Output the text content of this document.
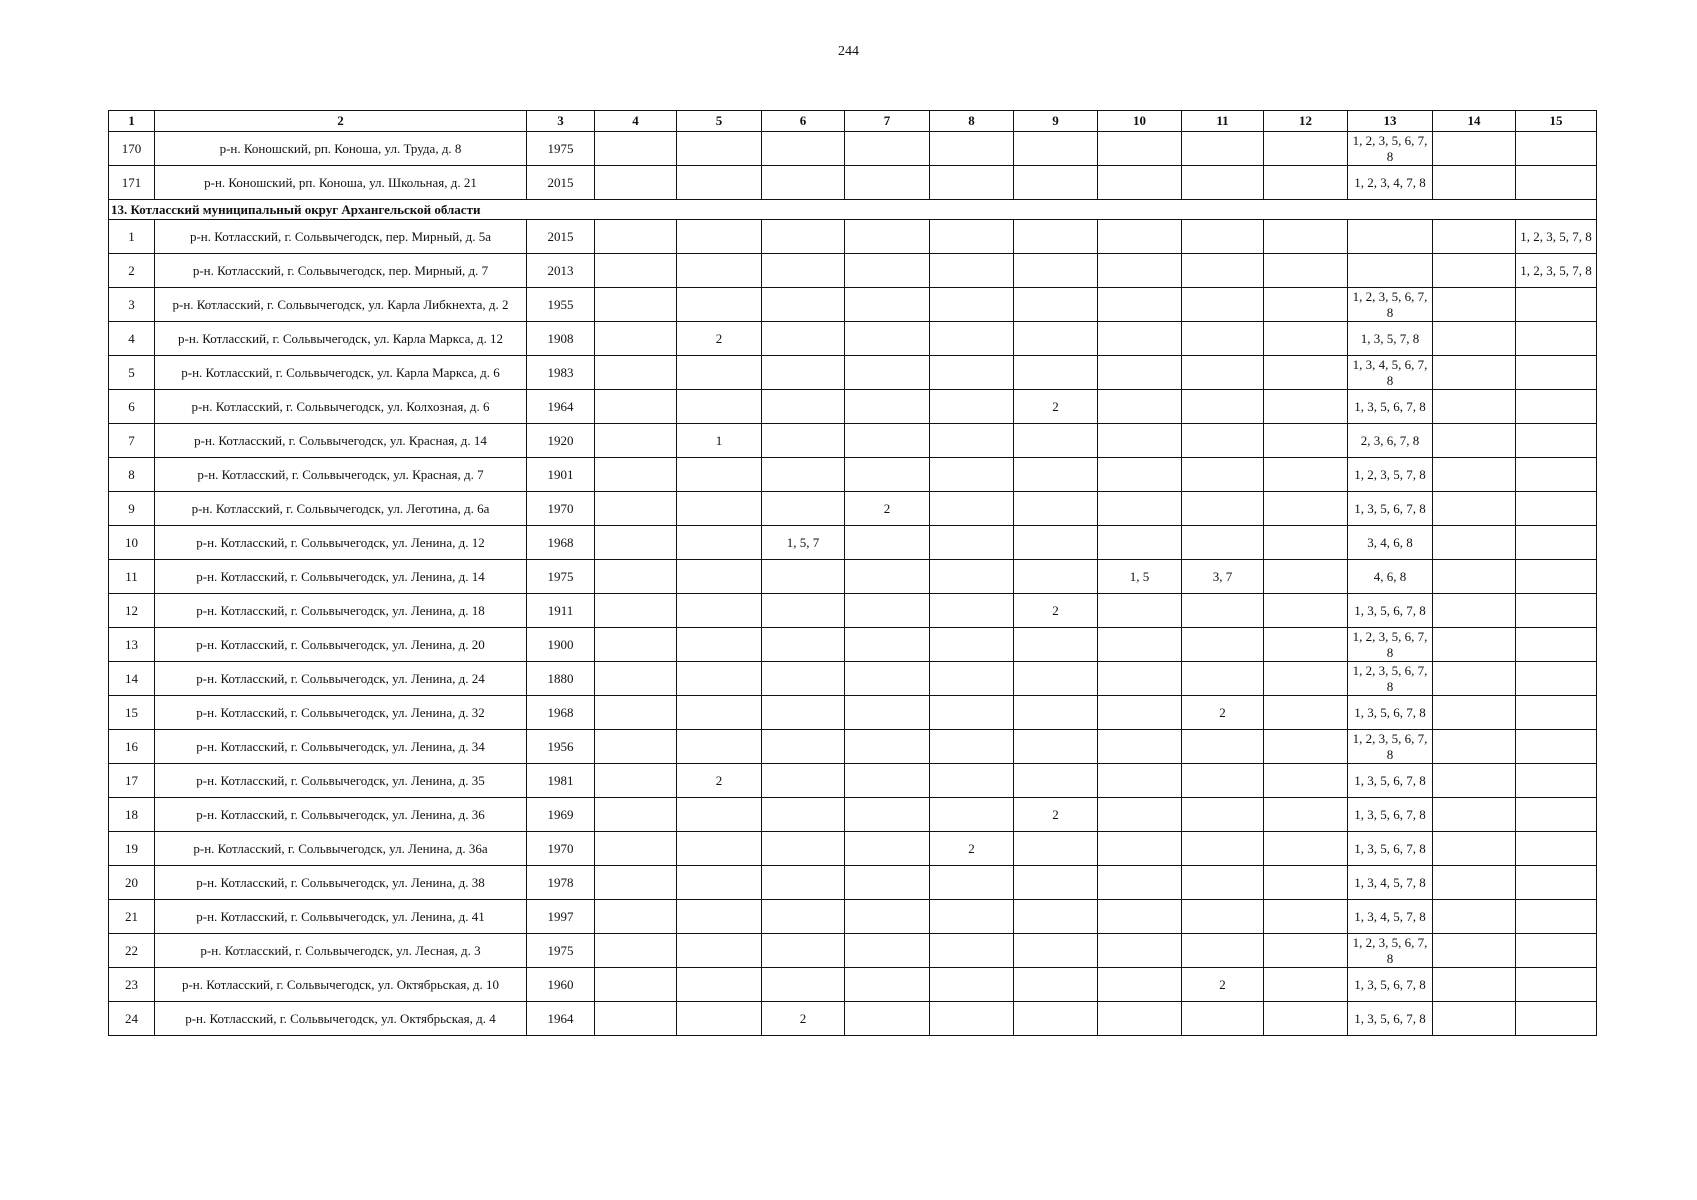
244
1	2	3	4	5	6	7	8	9	10	11	12	13	14	15
170	р-н. Коношский, рп. Коноша, ул. Труда, д. 8	1975										1, 2, 3, 5, 6, 7, 8		
171	р-н. Коношский, рп. Коноша, ул. Школьная, д. 21	2015										1, 2, 3, 4, 7, 8		
13. Котласский муниципальный округ Архангельской области														
1	р-н. Котласский, г. Сольвычегодск, пер. Мирный, д. 5а	2015												1, 2, 3, 5, 7, 8
2	р-н. Котласский, г. Сольвычегодск, пер. Мирный, д. 7	2013												1, 2, 3, 5, 7, 8
3	р-н. Котласский, г. Сольвычегодск, ул. Карла Либкнехта, д. 2	1955										1, 2, 3, 5, 6, 7, 8		
4	р-н. Котласский, г. Сольвычегодск, ул. Карла Маркса, д. 12	1908		2								1, 3, 5, 7, 8		
5	р-н. Котласский, г. Сольвычегодск, ул. Карла Маркса, д. 6	1983										1, 3, 4, 5, 6, 7, 8		
6	р-н. Котласский, г. Сольвычегодск, ул. Колхозная, д. 6	1964						2				1, 3, 5, 6, 7, 8		
7	р-н. Котласский, г. Сольвычегодск, ул. Красная, д. 14	1920		1								2, 3, 6, 7, 8		
8	р-н. Котласский, г. Сольвычегодск, ул. Красная, д. 7	1901										1, 2, 3, 5, 7, 8		
9	р-н. Котласский, г. Сольвычегодск, ул. Леготина, д. 6а	1970				2						1, 3, 5, 6, 7, 8		
10	р-н. Котласский, г. Сольвычегодск, ул. Ленина, д. 12	1968			1, 5, 7							3, 4, 6, 8		
11	р-н. Котласский, г. Сольвычегодск, ул. Ленина, д. 14	1975							1, 5	3, 7		4, 6, 8		
12	р-н. Котласский, г. Сольвычегодск, ул. Ленина, д. 18	1911						2				1, 3, 5, 6, 7, 8		
13	р-н. Котласский, г. Сольвычегодск, ул. Ленина, д. 20	1900										1, 2, 3, 5, 6, 7, 8		
14	р-н. Котласский, г. Сольвычегодск, ул. Ленина, д. 24	1880										1, 2, 3, 5, 6, 7, 8		
15	р-н. Котласский, г. Сольвычегодск, ул. Ленина, д. 32	1968								2		1, 3, 5, 6, 7, 8		
16	р-н. Котласский, г. Сольвычегодск, ул. Ленина, д. 34	1956										1, 2, 3, 5, 6, 7, 8		
17	р-н. Котласский, г. Сольвычегодск, ул. Ленина, д. 35	1981		2								1, 3, 5, 6, 7, 8		
18	р-н. Котласский, г. Сольвычегодск, ул. Ленина, д. 36	1969						2				1, 3, 5, 6, 7, 8		
19	р-н. Котласский, г. Сольвычегодск, ул. Ленина, д. 36а	1970					2					1, 3, 5, 6, 7, 8		
20	р-н. Котласский, г. Сольвычегодск, ул. Ленина, д. 38	1978										1, 3, 4, 5, 7, 8		
21	р-н. Котласский, г. Сольвычегодск, ул. Ленина, д. 41	1997										1, 3, 4, 5, 7, 8		
22	р-н. Котласский, г. Сольвычегодск, ул. Лесная, д. 3	1975										1, 2, 3, 5, 6, 7, 8		
23	р-н. Котласский, г. Сольвычегодск, ул. Октябрьская, д. 10	1960								2		1, 3, 5, 6, 7, 8		
24	р-н. Котласский, г. Сольвычегодск, ул. Октябрьская, д. 4	1964			2							1, 3, 5, 6, 7, 8		
